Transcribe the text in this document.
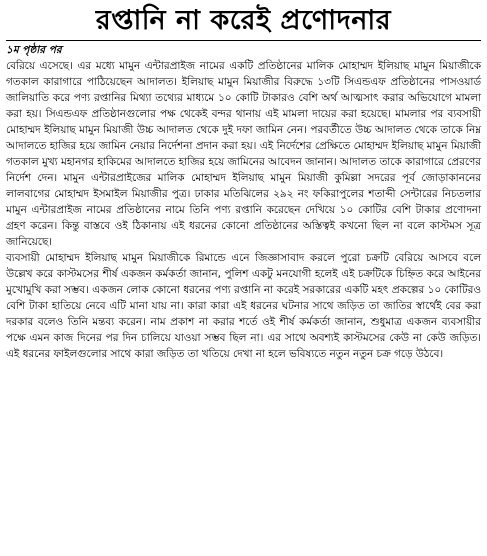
রপ্তানি না করেই প্রণোদনার
১ম পৃষ্ঠার পর

বেরিয়ে এসেছে। এর মধ্যে মামুন এন্টারপ্রাইজ নামের একটি প্রতিষ্ঠানের মালিক মোহাম্মদ ইলিয়াছ মামুন মিয়াজীকে গতকাল কারাগারে পাঠিয়েছেন আদালত। ইলিয়াছ মামুন মিয়াজীর বিরুদ্ধে ১৩টি সিএন্ডএফ প্রতিষ্ঠানের পাসওয়ার্ড জালিয়াতি করে পণ্য রপ্তানির মিথ্যা তথ্যের মাধ্যমে ১০ কোটি টাকারও বেশি অর্থ আত্মসাৎ করার অভিযোগে মামলা করা হয়। সিএন্ডএফ প্রতিষ্ঠানগুলোর পক্ষ থেকেই বন্দর থানায় এই মামলা দায়ের করা হয়েছে। মামলার পর ব্যবসায়ী মোহাম্মদ ইলিয়াছ মামুন মিয়াজী উচ্চ আদালত থেকে দুই দফা জামিন নেন। পরবর্তীতে উচ্চ আদালত থেকে তাকে নিম্ন আদালতে হাজির হয়ে জামিন নেয়ার নির্দেশনা প্রদান করা হয়। এই নির্দেশের প্রেক্ষিতে মোহাম্মদ ইলিয়াছ মামুন মিয়াজী গতকাল মুখ্য মহানগর হাকিমের আদালতে হাজির হয়ে জামিনের আবেদন জানান। আদালত তাকে কারাগারে প্রেরণের নির্দেশ দেন। মামুন এন্টারপ্রাইজের মালিক মোহাম্মদ ইলিয়াছ মামুন মিয়াজী কুমিল্লা সদরের পূর্ব জোড়াকাননের লালবাগের মোহাম্মদ ইসমাইল মিয়াজীর পুত্র। ঢাকার মতিঝিলের ২৯২ নং ফকিরাপুলের শতাব্দী সেন্টারের নিচতলার মামুন এন্টারপ্রাইজ নামের প্রতিষ্ঠানের নামে তিনি পণ্য রপ্তানি করেছেন দেখিয়ে ১০ কোটির বেশি টাকার প্রণোদনা গ্রহণ করেন। কিন্তু বাস্তবে ওই ঠিকানায় এই ধরনের কোনো প্রতিষ্ঠানের অস্তিত্বই কখনো ছিল না বলে কাস্টমস সূত্র জানিয়েছে।

ব্যবসায়ী মোহাম্মদ ইলিয়াছ মামুন মিয়াজীকে রিমান্ডে এনে জিজ্ঞাসাবাদ করলে পুরো চক্রটি বেরিয়ে আসবে বলে উল্লেখ করে কাস্টমসের শীর্ষ একজন কর্মকর্তা জানান, পুলিশ একটু মনযোগী হলেই এই চক্রটিকে চিহ্নিত করে আইনের মুখোমুখি করা সম্ভব। একজন লোক কোনো ধরনের পণ্য রপ্তানি না করেই সরকারের একটি মহৎ প্রকল্পের ১০ কোটিরও বেশি টাকা হাতিয়ে নেবে এটি মানা যায় না। কারা কারা এই ধরনের ঘটনার সাথে জড়িত তা জাতির স্বার্থেই বের করা দরকার বলেও তিনি মন্তব্য করেন। নাম প্রকাশ না করার শর্তে ওই শীর্ষ কর্মকর্তা জানান, শুধুমাত্র একজন ব্যবসায়ীর পক্ষে এমন কাজ দিনের পর দিন চালিয়ে যাওয়া সম্ভব ছিল না। এর সাথে অবশ্যই কাস্টমসের কেউ না কেউ জড়িত। এই ধরনের ফাইলগুলোর সাথে কারা জড়িত তা খতিয়ে দেখা না হলে ভবিষ্যতে নতুন নতুন চক্র গড়ে উঠবে।
